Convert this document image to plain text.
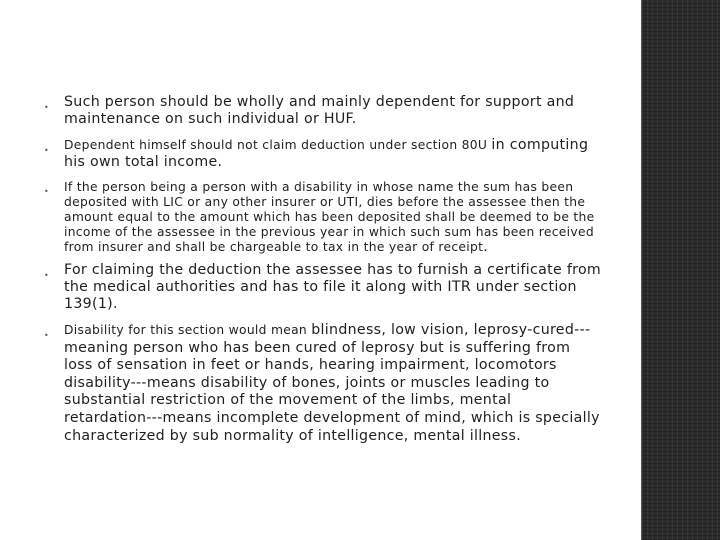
• Such person should be wholly and mainly dependent for support and maintenance on such individual or HUF.
• Dependent himself should not claim deduction under section 80U in computing his own total income.
• If the person being a person with a disability in whose name the sum has been deposited with LIC or any other insurer or UTI, dies before the assessee then the amount equal to the amount which has been deposited shall be deemed to be the income of the assessee in the previous year in which such sum has been received from insurer and shall be chargeable to tax in the year of receipt.
• For claiming the deduction the assessee has to furnish a certificate from the medical authorities and has to file it along with ITR under section 139(1).
• Disability for this section would mean blindness, low vision, leprosy-cured---meaning person who has been cured of leprosy but is suffering from loss of sensation in feet or hands, hearing impairment, locomotors disability---means disability of bones, joints or muscles leading to substantial restriction of the movement of the limbs, mental retardation---means incomplete development of mind, which is specially characterized by sub normality of intelligence, mental illness.
